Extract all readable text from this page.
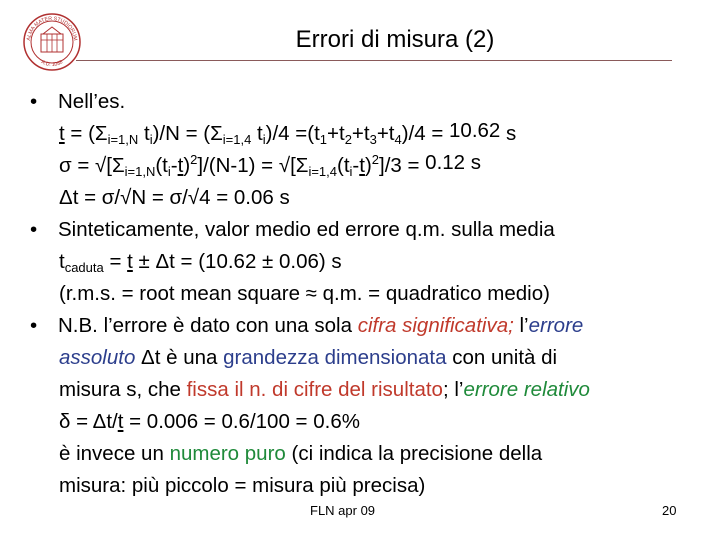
ALMA MATER STUDIORUM
A.D. 1088
Errori di misura (2)
• Nell’es.
$t = (\Sigma_{i=1,N}$ $t_i)/N = (\Sigma_{i=1,4}$ $t_i)/4 =(t_1+t_2+t_3+t_4)/4 = 10.62$ s
$\sigma = √[\Sigma_{i=1,N}(t_i-t)^2]/(N-1) = √[\Sigma_{i=1,4}(t_i-t)^2]/3 = 0.12$ s
Δt = σ/√N = σ/√4 = 0.06 s
• Sinteticamente, valor medio ed errore q.m. sulla media
$t_{caduta} = t \pm \Delta t = (10.62 \pm 0.06)$ s
(r.m.s. = root mean square ≈ q.m. = quadratico medio)
• N.B. l’errore è dato con una sola cifra significativa; l’errore
assoluto Δt è una grandezza dimensionata con unità di
misura s, che fissa il n. di cifre del risultato; l’errore relativo
δ = Δt/t = 0.006 = 0.6/100 = 0.6%
è invece un numero puro (ci indica la precisione della
misura: più piccolo = misura più precisa)
FLN apr 09	20
